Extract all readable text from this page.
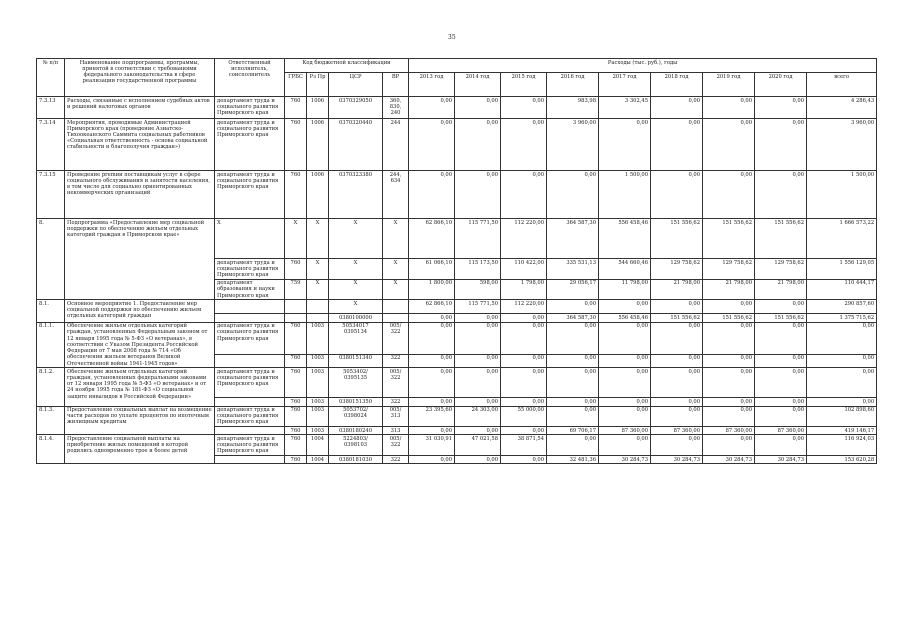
35
№ п/п	Наименование подпрограммы, программы, принятой в соответствии с требованиями федерального законодательства в сфере реализации государственной программы	Ответственный исполнитель, соисполнитель	Код бюджетной классификации				Расходы (тыс. руб.), годы								
			ГРБС	Рз Пр	ЦСР	ВР	2013 год	2014 год	2015 год	2016 год	2017 год	2018 год	2019 год	2020 год	всего
7.3.13	Расходы, связанные с исполнением судебных актов и решений налоговых органов	департамент труда и социального развития Приморского края	760	1006	0370329050	360, 830, 240	0,00	0,00	0,00	983,98	3 302,45	0,00	0,00	0,00	4 286,43
7.3.14	Мероприятия, проводимые Администрацией Приморского края (проведение Азиатско-Тихоокеанского Саммита социальных работников «Социальная ответственность - основа социальной стабильности и благополучия граждан»)	департамент труда и социального развития Приморского края	760	1006	0370320440	244	0,00	0,00	0,00	3 960,00	0,00	0,00	0,00	0,00	3 960,00
7.3.15	Проведение premии поставщикам услуг в сфере социального обслуживания и занятости населения, в том числе для социально ориентированных некоммерческих организаций	департамент труда и социального развития Приморского края	760	1006	0370323380	244, 634	0,00	0,00	0,00	0,00	1 500,00	0,00	0,00	0,00	1 500,00
8.	Подпрограмма «Предоставление мер социальной поддержки по обеспечению жильем отдельных категорий граждан в Приморском крае»	X	X	X	X	X	62 866,10	115 771,50	112 220,00	364 587,30	556 458,46	151 556,62	151 556,62	151 556,62	1 666 573,22
		департамент труда и социального развития Приморского края	760	X	X	X	61 066,10	115 173,50	110 422,00	335 531,13	544 660,46	129 758,62	129 758,62	129 758,62	1 556 129,05
		департамент образования и науки Приморского края	759	X	X	X	1 800,00	598,00	1 798,00	29 056,17	11 798,00	21 798,00	21 798,00	21 798,00	110 444,17
8.1.	Основное мероприятие 1. Предоставление мер социальной поддержки по обеспечению жильем отдельных категорий граждан				X		62 866,10	115 771,50	112 220,00	0,00	0,00	0,00	0,00	0,00	290 857,60
					0380100000		0,00	0,00	0,00	364 587,30	556 458,46	151 556,62	151 556,62	151 556,62	1 375 715,62
8.1.1.	Обеспечение жильем отдельных категорий граждан, установленных Федеральным законом от 12 января 1995 года № 5-ФЗ «О ветеранах», в соответствии с Указом Президента Российской Федерации от 7 мая 2008 года № 714 «Об обеспечении жильем ветеранов Великой Отечественной войны 1941-1945 годов»	департамент труда и социального развития Приморского края	760	1003	50534017 0395134	005/ 322	0,00	0,00	0,00	0,00	0,00	0,00	0,00	0,00	0,00
			760	1003	0380151340	322	0,00	0,00	0,00	0,00	0,00	0,00	0,00	0,00	0,00
8.1.2.	Обеспечение жильем отдельных категорий граждан, установленных федеральными законами от 12 января 1995 года № 5-ФЗ «О ветеранах» и от 24 ноября 1995 года № 181-ФЗ «О социальной защите инвалидов в Российской Федерации»	департамент труда и социального развития Приморского края	760	1003	5053402/ 0395135	005/ 322	0,00	0,00	0,00	0,00	0,00	0,00	0,00	0,00	0,00
			760	1003	0380151350	322	0,00	0,00	0,00	0,00	0,00	0,00	0,00	0,00	0,00
8.1.3.	Предоставление социальных выплат на возмещение части расходов по уплате процентов по ипотечным жилищным кредитам	департамент труда и социального развития Приморского края	760	1003	5053702/ 0398024	005/ 313	23 395,60	24 303,00	55 000,00	0,00	0,00	0,00	0,00	0,00	102 898,60
			760	1003	0380180240	313	0,00	0,00	0,00	69 706,17	87 360,00	87 360,00	87 360,00	87 360,00	419 146,17
8.1.4.	Предоставление социальной выплаты на приобретение жилых помещений в которой родились одновременно трое и более детей	департамент труда и социального развития Приморского края	760	1004	5224803/ 0398103	005/ 322	31 030,91	47 021,58	38 871,54	0,00	0,00	0,00	0,00	0,00	116 924,03
			760	1004	0380181030	322	0,00	0,00	0,00	32 481,36	30 284,73	30 284,73	30 284,73	30 284,73	153 620,28
